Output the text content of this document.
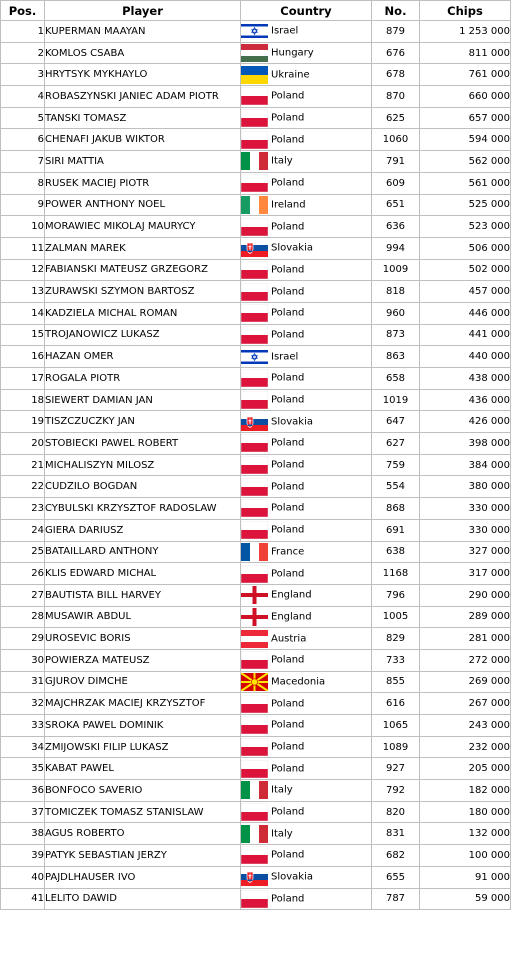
Pos.	Player	Country	No.	Chips
1	KUPERMAN MAAYAN	Israel	879	1 253 000
2	KOMLOS CSABA	Hungary	676	811 000
3	HRYTSYK MYKHAYLO	Ukraine	678	761 000
4	ROBASZYNSKI JANIEC ADAM PIOTR	Poland	870	660 000
5	TANSKI TOMASZ	Poland	625	657 000
6	CHENAFI JAKUB WIKTOR	Poland	1060	594 000
7	SIRI MATTIA	Italy	791	562 000
8	RUSEK MACIEJ PIOTR	Poland	609	561 000
9	POWER ANTHONY NOEL	Ireland	651	525 000
10	MORAWIEC MIKOLAJ MAURYCY	Poland	636	523 000
11	ZALMAN MAREK	Slovakia	994	506 000
12	FABIANSKI MATEUSZ GRZEGORZ	Poland	1009	502 000
13	ZURAWSKI SZYMON BARTOSZ	Poland	818	457 000
14	KADZIELA MICHAL ROMAN	Poland	960	446 000
15	TROJANOWICZ LUKASZ	Poland	873	441 000
16	HAZAN OMER	Israel	863	440 000
17	ROGALA PIOTR	Poland	658	438 000
18	SIEWERT DAMIAN JAN	Poland	1019	436 000
19	TISZCZUCZKY JAN	Slovakia	647	426 000
20	STOBIECKI PAWEL ROBERT	Poland	627	398 000
21	MICHALISZYN MILOSZ	Poland	759	384 000
22	CUDZILO BOGDAN	Poland	554	380 000
23	CYBULSKI KRZYSZTOF RADOSLAW	Poland	868	330 000
24	GIERA DARIUSZ	Poland	691	330 000
25	BATAILLARD ANTHONY	France	638	327 000
26	KLIS EDWARD MICHAL	Poland	1168	317 000
27	BAUTISTA BILL HARVEY	England	796	290 000
28	MUSAWIR ABDUL	England	1005	289 000
29	UROSEVIC BORIS	Austria	829	281 000
30	POWIERZA MATEUSZ	Poland	733	272 000
31	GJUROV DIMCHE	Macedonia	855	269 000
32	MAJCHRZAK MACIEJ KRZYSZTOF	Poland	616	267 000
33	SROKA PAWEL DOMINIK	Poland	1065	243 000
34	ZMIJOWSKI FILIP LUKASZ	Poland	1089	232 000
35	KABAT PAWEL	Poland	927	205 000
36	BONFOCO SAVERIO	Italy	792	182 000
37	TOMICZEK TOMASZ STANISLAW	Poland	820	180 000
38	AGUS ROBERTO	Italy	831	132 000
39	PATYK SEBASTIAN JERZY	Poland	682	100 000
40	PAJDLHAUSER IVO	Slovakia	655	91 000
41	LELITO DAWID	Poland	787	59 000
